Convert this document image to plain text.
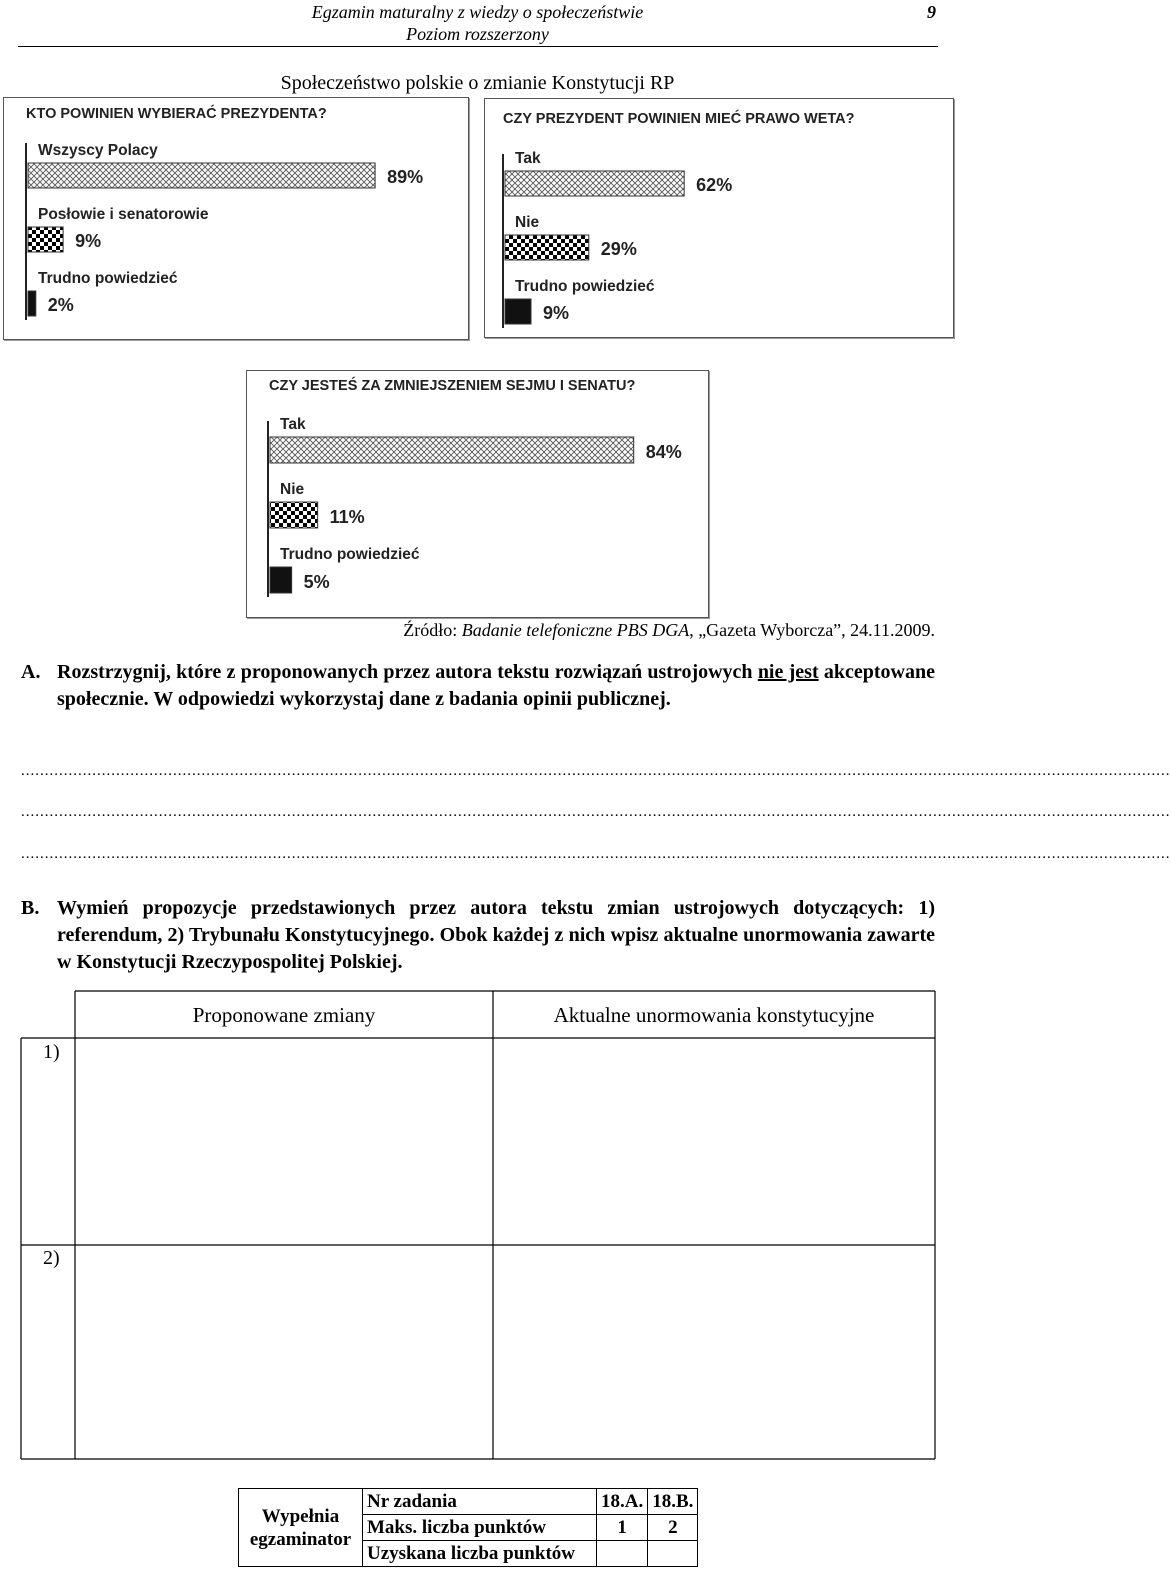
Egzamin maturalny z wiedzy o społeczeństwie	9
Poziom rozszerzony
Społeczeństwo polskie o zmianie Konstytucji RP
KTO POWINIEN WYBIERAĆ PREZYDENTA?
Wszyscy Polacy
89%
Posłowie i senatorowie
9%
Trudno powiedzieć
2%
CZY PREZYDENT POWINIEN MIEĆ PRAWO WETA?
Tak
62%
Nie
29%
Trudno powiedzieć
9%
CZY JESTEŚ ZA ZMNIEJSZENIEM SEJMU I SENATU?
Tak
84%
Nie
11%
Trudno powiedzieć
5%
Źródło: Badanie telefoniczne PBS DGA, „Gazeta Wyborcza”, 24.11.2009.
A. Rozstrzygnij, które z proponowanych przez autora tekstu rozwiązań ustrojowych nie jest akceptowane społecznie. W odpowiedzi wykorzystaj dane z badania opinii publicznej.
..................................................................................................................................................................................................................................................
..................................................................................................................................................................................................................................................
..................................................................................................................................................................................................................................................
B. Wymień propozycje przedstawionych przez autora tekstu zmian ustrojowych dotyczących: 1) referendum, 2) Trybunału Konstytucyjnego. Obok każdej z nich wpisz aktualne unormowania zawarte w Konstytucji Rzeczypospolitej Polskiej.
Proponowane zmiany	Aktualne unormowania konstytucyjne
1)
2)
Wypełnia egzaminator	Nr zadania	18.A.	18.B.
	Maks. liczba punktów	1	2
	Uzyskana liczba punktów		
